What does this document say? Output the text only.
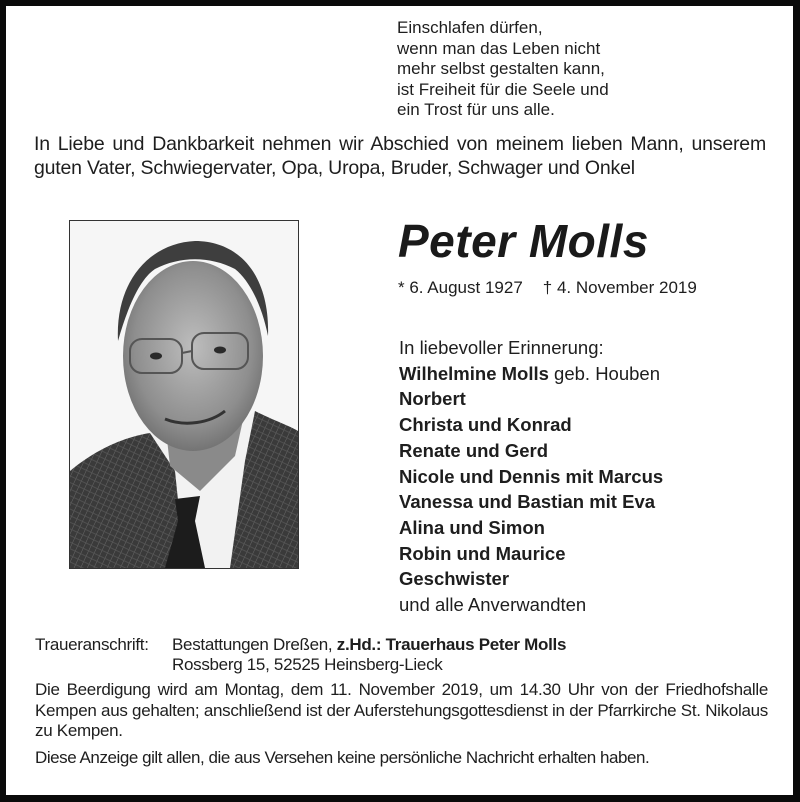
Einschlafen dürfen,
wenn man das Leben nicht
mehr selbst gestalten kann,
ist Freiheit für die Seele und
ein Trost für uns alle.
In Liebe und Dankbarkeit nehmen wir Abschied von meinem lieben Mann, unserem guten Vater, Schwiegervater, Opa, Uropa, Bruder, Schwager und Onkel
Peter Molls
* 6. August 1927 † 4. November 2019
In liebevoller Erinnerung:
Wilhelmine Molls geb. Houben
Norbert
Christa und Konrad
Renate und Gerd
Nicole und Dennis mit Marcus
Vanessa und Bastian mit Eva
Alina und Simon
Robin und Maurice
Geschwister
und alle Anverwandten
Traueranschrift:	Bestattungen Dreßen, z.Hd.: Trauerhaus Peter Molls
Rossberg 15, 52525 Heinsberg-Lieck
Die Beerdigung wird am Montag, dem 11. November 2019, um 14.30 Uhr von der Friedhofshalle Kempen aus gehalten; anschließend ist der Auferstehungsgottesdienst in der Pfarrkirche St. Nikolaus zu Kempen.
Diese Anzeige gilt allen, die aus Versehen keine persönliche Nachricht erhalten haben.
